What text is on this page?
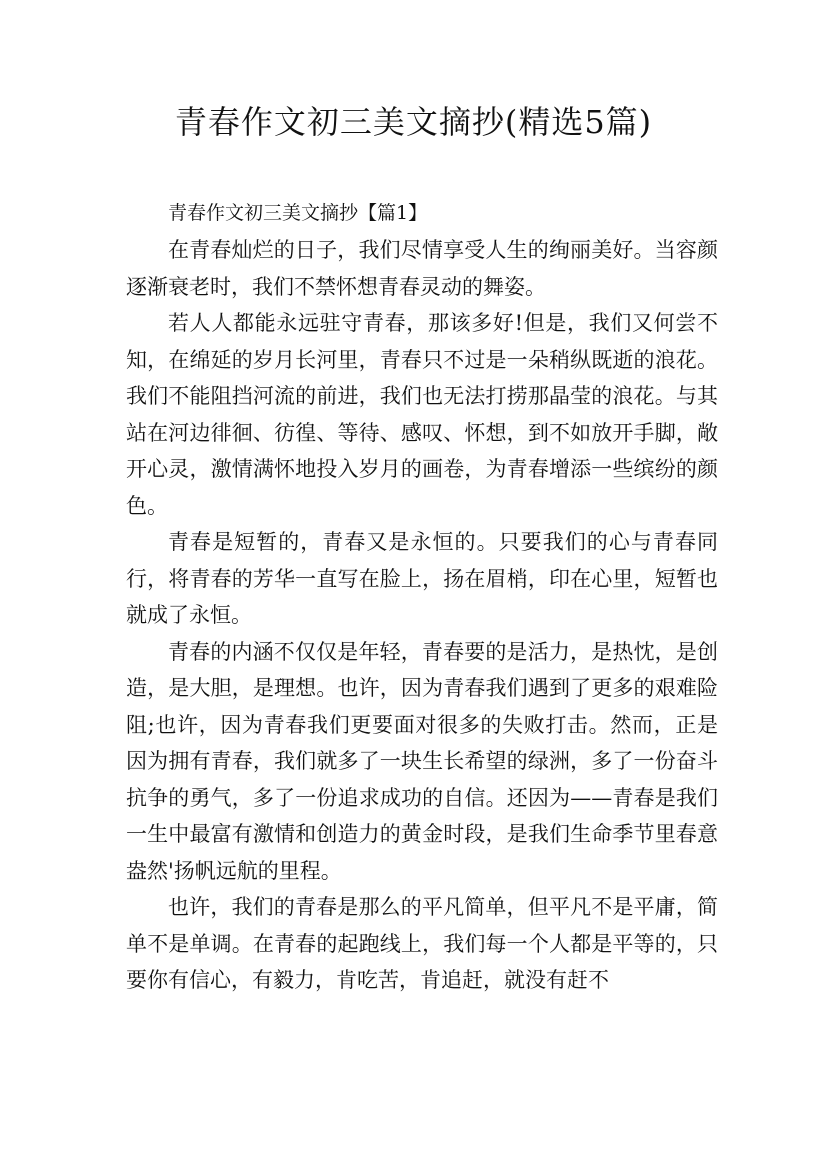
青春作文初三美文摘抄(精选5篇)

青春作文初三美文摘抄【篇1】

在青春灿烂的日子，我们尽情享受人生的绚丽美好。当容颜逐渐衰老时，我们不禁怀想青春灵动的舞姿。

若人人都能永远驻守青春，那该多好!但是，我们又何尝不知，在绵延的岁月长河里，青春只不过是一朵稍纵既逝的浪花。我们不能阻挡河流的前进，我们也无法打捞那晶莹的浪花。与其站在河边徘徊、彷徨、等待、感叹、怀想，到不如放开手脚，敞开心灵，激情满怀地投入岁月的画卷，为青春增添一些缤纷的颜色。

青春是短暂的，青春又是永恒的。只要我们的心与青春同行，将青春的芳华一直写在脸上，扬在眉梢，印在心里，短暂也就成了永恒。

青春的内涵不仅仅是年轻，青春要的是活力，是热忱，是创造，是大胆，是理想。也许，因为青春我们遇到了更多的艰难险阻;也许，因为青春我们更要面对很多的失败打击。然而，正是因为拥有青春，我们就多了一块生长希望的绿洲，多了一份奋斗抗争的勇气，多了一份追求成功的自信。还因为——青春是我们一生中最富有激情和创造力的黄金时段，是我们生命季节里春意盎然'扬帆远航的里程。

也许，我们的青春是那么的平凡简单，但平凡不是平庸，简单不是单调。在青春的起跑线上，我们每一个人都是平等的，只要你有信心，有毅力，肯吃苦，肯追赶，就没有赶不
